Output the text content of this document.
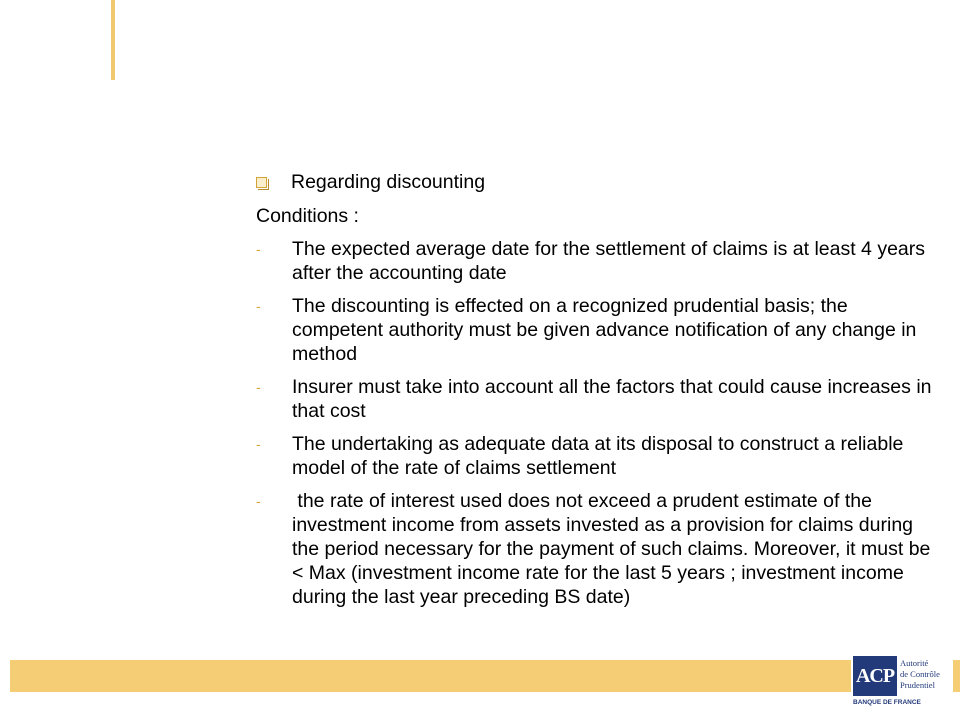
Regarding discounting
Conditions :
-	The expected average date for the settlement of claims is at least 4 years after the accounting date
-	The discounting is effected on a recognized prudential basis; the competent authority must be given advance notification of any change in method
-	Insurer must take into account all the factors that could cause increases in that cost
-	The undertaking as adequate data at its disposal to construct a reliable model of the rate of claims settlement
-	the rate of interest used does not exceed a prudent estimate of the investment income from assets invested as a provision for claims during the period necessary for the payment of such claims. Moreover, it must be < Max (investment income rate for the last 5 years ; investment income during the last year preceding BS date)
ACP
Autorité
de Contrôle
Prudentiel
BANQUE DE FRANCE
